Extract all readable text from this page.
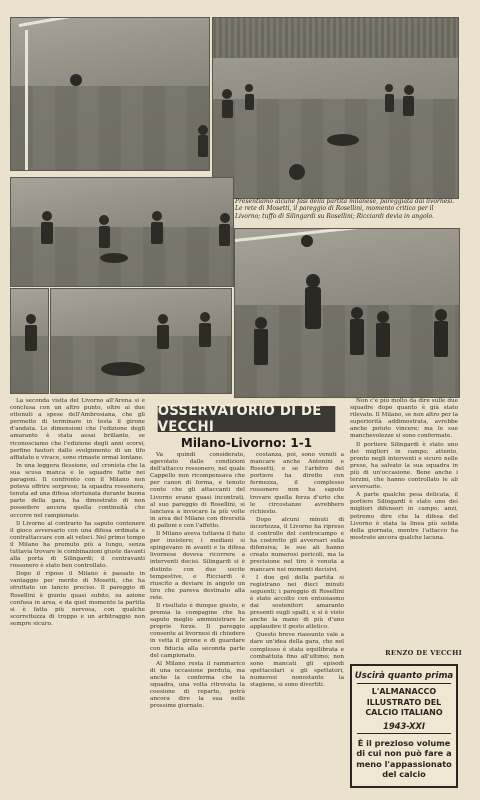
Presentiamo alcune fasi della partita milanese, pareggiata dai livornesi. Le rete di Mosetti, il pareggio di Rosellini, momento critico per il Livorno; tuffo di Silingardi su Rosellini; Ricciardi devia in angolo.
OSSERVATORIO DI DE VECCHI
Milano-Livorno: 1-1

La seconda visita del Livorno all'Arena si è conclusa con un altro punto, oltre ai due ottenuti a spese dell'Ambrosiana, che gli permette di terminare in testa il girone d'andata. Le dimensioni che l'edizione degli amaranto è stata assai brillante, se riconosciamo che l'edizione degli anni scorsi, perfino fautori dallo svolgimento di un tifo affiatato e vivace, sono rimaste ormai lontane.

In una leggera flessione, sul cronista che la sua scusa manca e le squadre fatte nei paragoni. Il confronto con il Milano non poteva offrire sorprese; la squadra rossonera, tenuta ad una difesa sfortunata durante buona parte della gara, ha dimostrato di non possedere ancora quella continuità che occorre nel campionato.

Il Livorno al contrario ha saputo contenere il gioco avversario con una difesa ordinata e contrattaccare con ali veloci. Nel primo tempo il Milano ha premuto più a lungo, senza tuttavia trovare le combinazioni giuste davanti alla porta di Silingardi; il centravanti rossonero è stato ben controllato.

Dopo il riposo il Milano è passato in vantaggio per merito di Mosetti, che ha sfruttato un lancio preciso. Il pareggio di Rosellini è giunto quasi subito, su azione confusa in area, e da quel momento la partita si è fatta più nervosa, con qualche scorrettezza di troppo e un arbitraggio non sempre sicuro.

Va quindi considerato, agevolato dalle condizioni dell'attacco rossonero, nel quale Cappello non ricompensava che per canon di forma, e tenuto conto che gli attaccanti del Livorno erano quasi incontrati, al suo pareggio di Rosellini, si lanciava a invocare la più volte in area del Milano con diversità di palloni e con l'affetto.

Il Milano aveva tuttavia il fiato per insistere; i mediani si spingevano in avanti e la difesa livornese doveva ricorrere a interventi decisi. Silingardi si è distinto con due uscite tempestive, e Ricciardi è riuscito a deviare in angolo un tiro che pareva destinato alla rete.

Il risultato è dunque giusto, e premia la compagine che ha saputo meglio amministrare le proprie forze. Il pareggio consente ai livornesi di chiudere in vetta il girone e di guardare con fiducia alla seconda parte del campionato.

Al Milano resta il rammarico di una occasione perduta, ma anche la conferma che la squadra, una volta ritrovata la coesione di reparto, potrà ancora dire la sua nelle prossime giornate.

costanza, poi, sono venuti a mancare anche Antonini e Rossetti, e se l'arbitro del portiere ha diretto con fermezza, il complesso rossonero non ha saputo trovare quella forza d'urto che le circostanze avrebbero richiesto.

Dopo alcuni minuti di incertezza, il Livorno ha ripreso il controllo del centrocampo e ha costretto gli avversari sulla difensiva; le sue ali hanno creato numerosi pericoli, ma la precisione nel tiro è venuta a mancare nei momenti decisivi.

I due gol della partita si registrano nei dieci minuti seguenti; i pareggio di Rosellini è stato accolto con entusiasmo dai sostenitori amaranto presenti sugli spalti, e si è visto anche la mano di più d'uno applaudire il gesto atletico.

Questo breve riassunto vale a dare un'idea della gara, che nel complesso è stata equilibrata e combattuta fino all'ultimo; non sono mancati gli episodi spettacolari e gli spettatori, numerosi nonostante la stagione, si sono divertiti.

Non c'è più molto da dire sulle due squadre dopo quanto è già stato rilevato. Il Milano, se non altro per la superiorità addimostrata, avrebbe anche potuto vincere; ma le sue manchevolezze si sono confermate.

Il portiere Silingardi è stato uno dei migliori in campo; attento, pronto negli interventi e sicuro nelle prese, ha salvato la sua squadra in più di un'occasione. Bene anche i terzini, che hanno controllato le ali avversarie.

A parte qualche pesa delicata, il portiere Silingardi è stato uno dei migliori difensori in campo; anzi, potremo dire che la difesa del Livorno è stata la linea più solida della giornata, mentre l'attacco ha mostrato ancora qualche lacuna.

RENZO DE VECCHI
Uscirà quanto prima
L'ALMANACCO ILLUSTRATO DEL CALCIO ITALIANO
1943-XXI
È il prezioso volume di cui non può fare a meno l'appassionato del calcio
